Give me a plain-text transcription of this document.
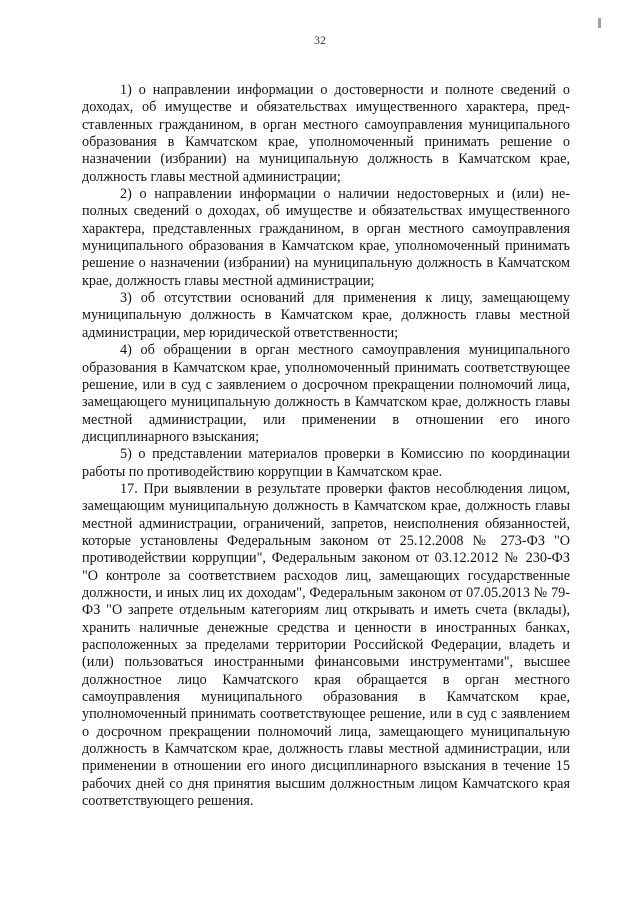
32

1) о направлении информации о достоверности и полноте сведений о доходах, об имуществе и обязательствах имущественного характера, представленных гражданином, в орган местного самоуправления муниципального образования в Камчатском крае, уполномоченный принимать решение о назначении (избрании) на муниципальную должность в Камчатском крае, должность главы местной администрации;

2) о направлении информации о наличии недостоверных и (или) неполных сведений о доходах, об имуществе и обязательствах имущественного характера, представленных гражданином, в орган местного самоуправления муниципального образования в Камчатском крае, уполномоченный принимать решение о назначении (избрании) на муниципальную должность в Камчатском крае, должность главы местной администрации;

3) об отсутствии оснований для применения к лицу, замещающему муниципальную должность в Камчатском крае, должность главы местной администрации, мер юридической ответственности;

4) об обращении в орган местного самоуправления муниципального образования в Камчатском крае, уполномоченный принимать соответствующее решение, или в суд с заявлением о досрочном прекращении полномочий лица, замещающего муниципальную должность в Камчатском крае, должность главы местной администрации, или применении в отношении его иного дисциплинарного взыскания;

5) о представлении материалов проверки в Комиссию по координации работы по противодействию коррупции в Камчатском крае.

17. При выявлении в результате проверки фактов несоблюдения лицом, замещающим муниципальную должность в Камчатском крае, должность главы местной администрации, ограничений, запретов, неисполнения обязанностей, которые установлены Федеральным законом от 25.12.2008 № 273-ФЗ "О противодействии коррупции", Федеральным законом от 03.12.2012 № 230-ФЗ "О контроле за соответствием расходов лиц, замещающих государственные должности, и иных лиц их доходам", Федеральным законом от 07.05.2013 № 79-ФЗ "О запрете отдельным категориям лиц открывать и иметь счета (вклады), хранить наличные денежные средства и ценности в иностранных банках, расположенных за пределами территории Российской Федерации, владеть и (или) пользоваться иностранными финансовыми инструментами", высшее должностное лицо Камчатского края обращается в орган местного самоуправления муниципального образования в Камчатском крае, уполномоченный принимать соответствующее решение, или в суд с заявлением о досрочном прекращении полномочий лица, замещающего муниципальную должность в Камчатском крае, должность главы местной администрации, или применении в отношении его иного дисциплинарного взыскания в течение 15 рабочих дней со дня принятия высшим должностным лицом Камчатского края соответствующего решения.
